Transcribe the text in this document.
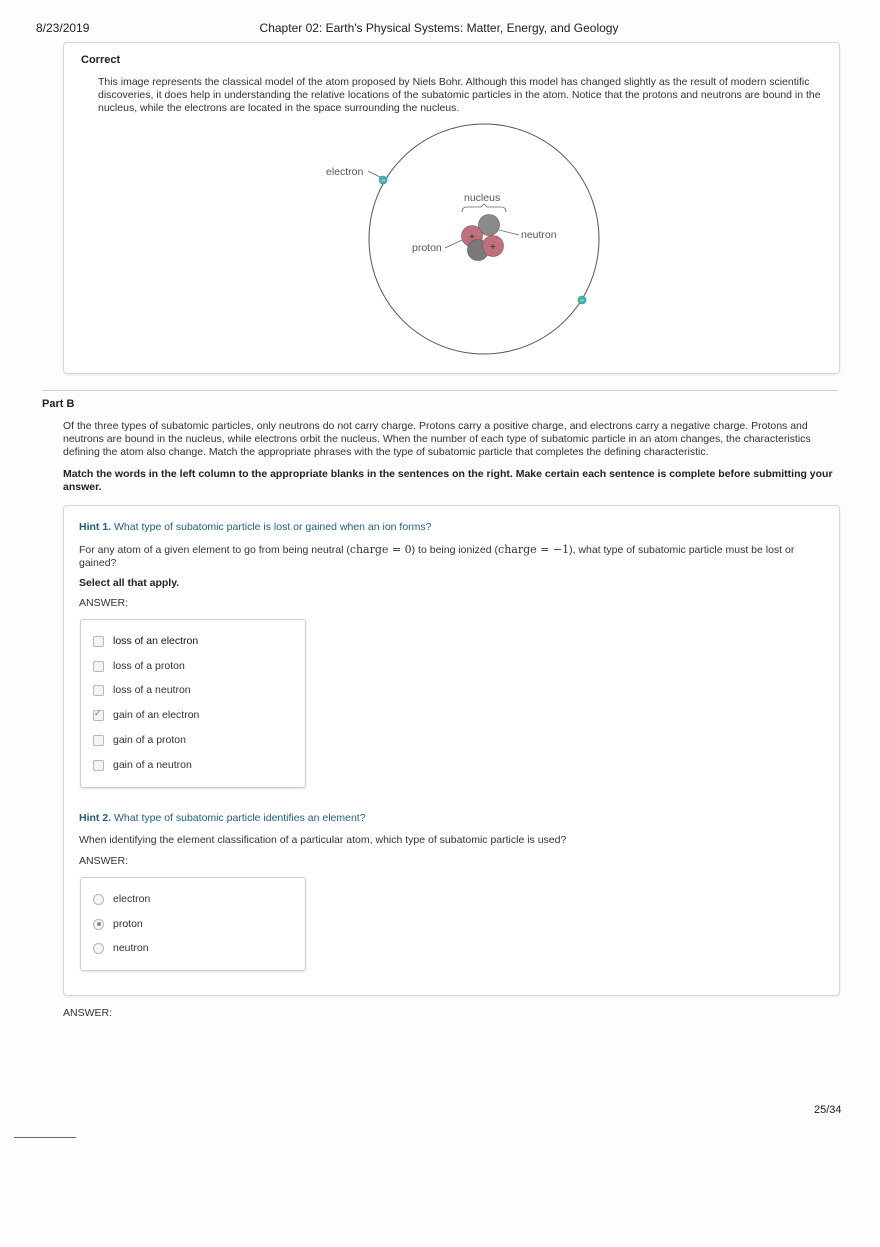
8/23/2019	Chapter 02: Earth's Physical Systems: Matter, Energy, and Geology
Correct
This image represents the classical model of the atom proposed by Niels Bohr. Although this model has changed slightly as the result of modern scientific discoveries, it does help in understanding the relative locations of the subatomic particles in the atom. Notice that the protons and neutrons are bound in the nucleus, while the electrons are located in the space surrounding the nucleus.
electron
−
−
nucleus
+
+
proton
neutron
Part B
Of the three types of subatomic particles, only neutrons do not carry charge. Protons carry a positive charge, and electrons carry a negative charge. Protons and neutrons are bound in the nucleus, while electrons orbit the nucleus. When the number of each type of subatomic particle in an atom changes, the characteristics defining the atom also change. Match the appropriate phrases with the type of subatomic particle that completes the defining characteristic.
Match the words in the left column to the appropriate blanks in the sentences on the right. Make certain each sentence is complete before submitting your answer.
Hint 1. What type of subatomic particle is lost or gained when an ion forms?
For any atom of a given element to go from being neutral (charge = 0) to being ionized (charge = −1), what type of subatomic particle must be lost or gained?
Select all that apply.
ANSWER:
loss of an electron
loss of a proton
loss of a neutron
✓
gain of an electron
gain of a proton
gain of a neutron
Hint 2. What type of subatomic particle identifies an element?
When identifying the element classification of a particular atom, which type of subatomic particle is used?
ANSWER:
electron
proton
neutron
ANSWER:
25/34
